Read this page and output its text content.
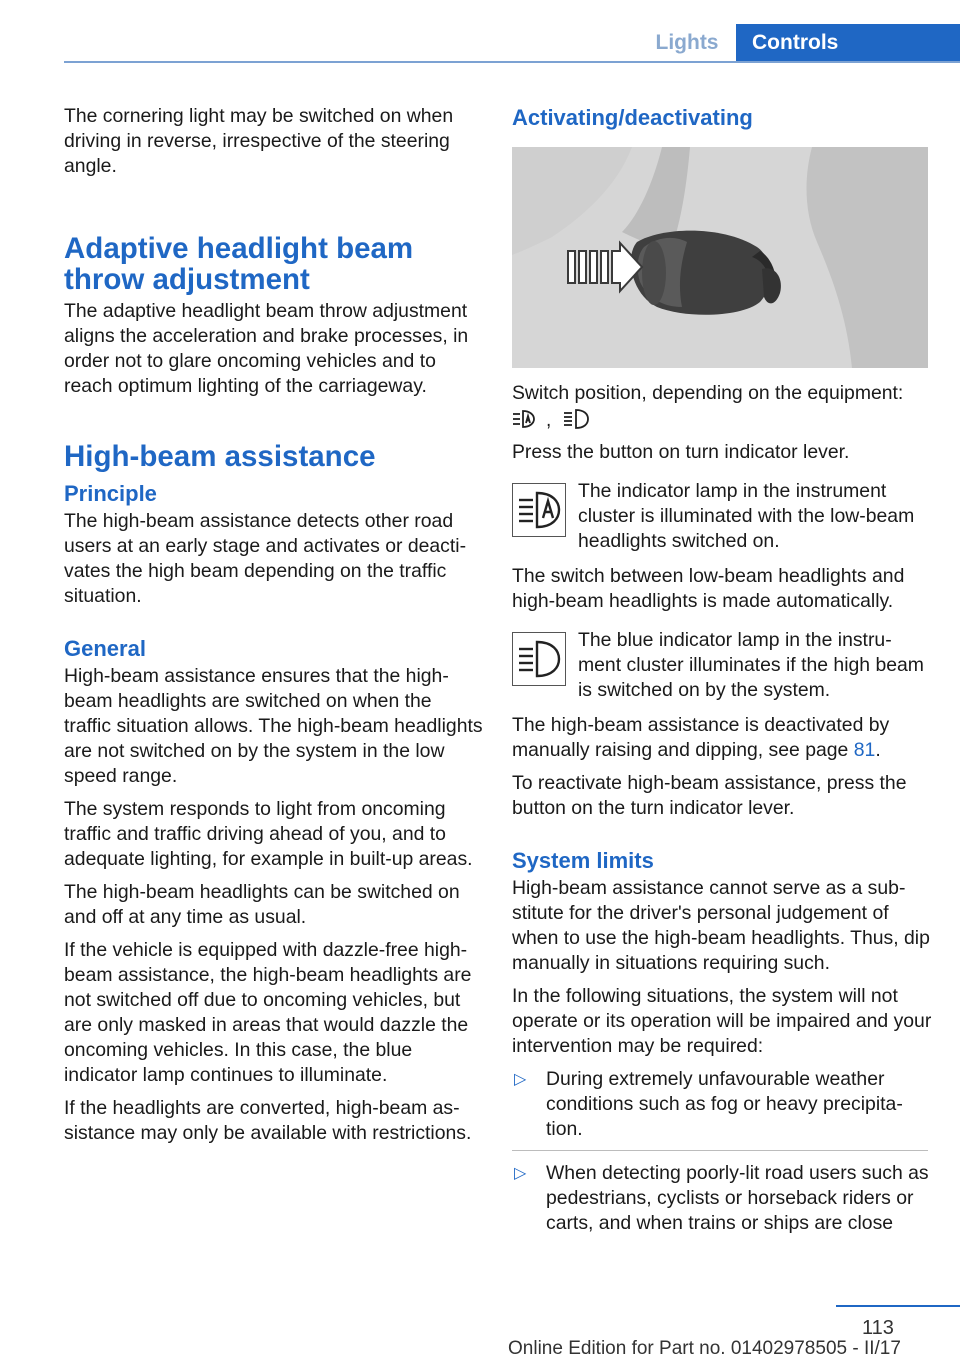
Lights	Controls

The cornering light may be switched on when driving in reverse, irrespective of the steering angle.

Adaptive headlight beam throw adjustment

The adaptive headlight beam throw adjustment aligns the acceleration and brake processes, in order not to glare oncoming vehicles and to reach optimum lighting of the carriageway.

High-beam assistance
Principle

The high-beam assistance detects other road users at an early stage and activates or deactivates the high beam depending on the traffic situation.

General

High-beam assistance ensures that the high-beam headlights are switched on when the traffic situation allows. The high-beam headlights are not switched on by the system in the low speed range.

The system responds to light from oncoming traffic and traffic driving ahead of you, and to adequate lighting, for example in built-up areas.

The high-beam headlights can be switched on and off at any time as usual.

If the vehicle is equipped with dazzle-free high-beam assistance, the high-beam headlights are not switched off due to oncoming vehicles, but are only masked in areas that would dazzle the oncoming vehicles. In this case, the blue indicator lamp continues to illuminate.

If the headlights are converted, high-beam assistance may only be available with restrictions.

Activating/deactivating

Switch position, depending on the equipment:

,

Press the button on turn indicator lever.

The indicator lamp in the instrument cluster is illuminated with the low-beam headlights switched on.

The switch between low-beam headlights and high-beam headlights is made automatically.

The blue indicator lamp in the instrument cluster illuminates if the high beam is switched on by the system.

The high-beam assistance is deactivated by manually raising and dipping, see page 81.

To reactivate high-beam assistance, press the button on the turn indicator lever.

System limits

High-beam assistance cannot serve as a substitute for the driver's personal judgement of when to use the high-beam headlights. Thus, dip manually in situations requiring such.

In the following situations, the system will not operate or its operation will be impaired and your intervention may be required:

▷ During extremely unfavourable weather conditions such as fog or heavy precipitation.

▷ When detecting poorly-lit road users such as pedestrians, cyclists or horseback riders or carts, and when trains or ships are close

113
Online Edition for Part no. 01402978505 - II/17
